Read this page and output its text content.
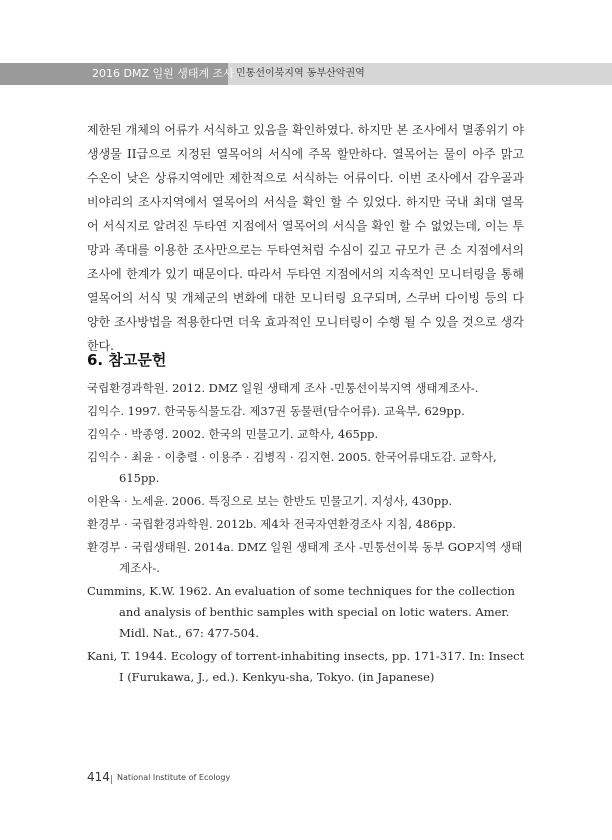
2016 DMZ 일원 생태계 조사 민통선이북지역 동부산악권역

제한된 개체의 어류가 서식하고 있음을 확인하였다. 하지만 본 조사에서 멸종위기 야생생물 II급으로 지정된 열목어의 서식에 주목 할만하다. 열목어는 물이 아주 맑고 수온이 낮은 상류지역에만 제한적으로 서식하는 어류이다. 이번 조사에서 감우골과 비야리의 조사지역에서 열목어의 서식을 확인 할 수 있었다. 하지만 국내 최대 열목어 서식지로 알려진 두타연 지점에서 열목어의 서식을 확인 할 수 없었는데, 이는 투망과 족대를 이용한 조사만으로는 두타연처럼 수심이 깊고 규모가 큰 소 지점에서의 조사에 한계가 있기 때문이다. 따라서 두타연 지점에서의 지속적인 모니터링을 통해 열목어의 서식 및 개체군의 변화에 대한 모니터링 요구되며, 스쿠버 다이빙 등의 다양한 조사방법을 적용한다면 더욱 효과적인 모니터링이 수행 될 수 있을 것으로 생각한다.

6. 참고문헌

국립환경과학원. 2012. DMZ 일원 생태계 조사 -민통선이북지역 생태계조사-.

김익수. 1997. 한국동식물도감. 제37권 동물편(담수어류). 교육부, 629pp.

김익수 · 박종영. 2002. 한국의 민물고기. 교학사, 465pp.

김익수 · 최윤 · 이충렬 · 이용주 · 김병직 · 김지현. 2005. 한국어류대도감. 교학사, 615pp.

이완옥 · 노세윤. 2006. 특징으로 보는 한반도 민물고기. 지성사, 430pp.

환경부 · 국립환경과학원. 2012b. 제4차 전국자연환경조사 지침, 486pp.

환경부 · 국립생태원. 2014a. DMZ 일원 생태계 조사 -민통선이북 동부 GOP지역 생태계조사-.

Cummins, K.W. 1962. An evaluation of some techniques for the collection and analysis of benthic samples with special on lotic waters. Amer. Midl. Nat., 67: 477-504.

Kani, T. 1944. Ecology of torrent-inhabiting insects, pp. 171-317. In: Insect I (Furukawa, J., ed.). Kenkyu-sha, Tokyo. (in Japanese)

414 National Institute of Ecology
